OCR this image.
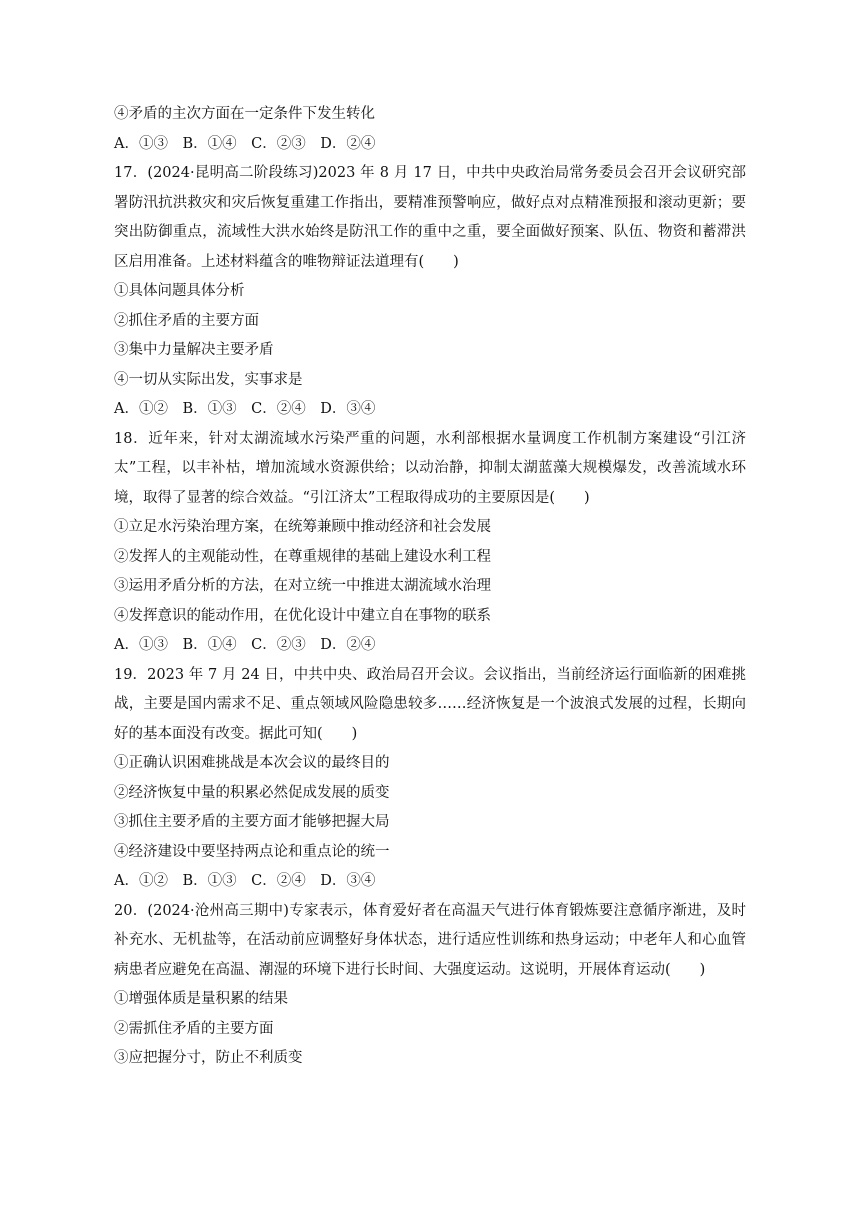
④矛盾的主次方面在一定条件下发生转化
A．①③　B．①④　C．②③　D．②④
17．(2024·昆明高二阶段练习)2023 年 8 月 17 日，中共中央政治局常务委员会召开会议研究部署防汛抗洪救灾和灾后恢复重建工作指出，要精准预警响应，做好点对点精准预报和滚动更新；要突出防御重点，流域性大洪水始终是防汛工作的重中之重，要全面做好预案、队伍、物资和蓄滞洪区启用准备。上述材料蕴含的唯物辩证法道理有(　　)
①具体问题具体分析
②抓住矛盾的主要方面
③集中力量解决主要矛盾
④一切从实际出发，实事求是
A．①②　B．①③　C．②④　D．③④
18．近年来，针对太湖流域水污染严重的问题，水利部根据水量调度工作机制方案建设“引江济太”工程，以丰补枯，增加流域水资源供给；以动治静，抑制太湖蓝藻大规模爆发，改善流域水环境，取得了显著的综合效益。“引江济太”工程取得成功的主要原因是(　　)
①立足水污染治理方案，在统筹兼顾中推动经济和社会发展
②发挥人的主观能动性，在尊重规律的基础上建设水利工程
③运用矛盾分析的方法，在对立统一中推进太湖流域水治理
④发挥意识的能动作用，在优化设计中建立自在事物的联系
A．①③　B．①④　C．②③　D．②④
19．2023 年 7 月 24 日，中共中央、政治局召开会议。会议指出，当前经济运行面临新的困难挑战，主要是国内需求不足、重点领域风险隐患较多……经济恢复是一个波浪式发展的过程，长期向好的基本面没有改变。据此可知(　　)
①正确认识困难挑战是本次会议的最终目的
②经济恢复中量的积累必然促成发展的质变
③抓住主要矛盾的主要方面才能够把握大局
④经济建设中要坚持两点论和重点论的统一
A．①②　B．①③　C．②④　D．③④
20．(2024·沧州高三期中)专家表示，体育爱好者在高温天气进行体育锻炼要注意循序渐进，及时补充水、无机盐等，在活动前应调整好身体状态，进行适应性训练和热身运动；中老年人和心血管病患者应避免在高温、潮湿的环境下进行长时间、大强度运动。这说明，开展体育运动(　　)
①增强体质是量积累的结果
②需抓住矛盾的主要方面
③应把握分寸，防止不利质变
